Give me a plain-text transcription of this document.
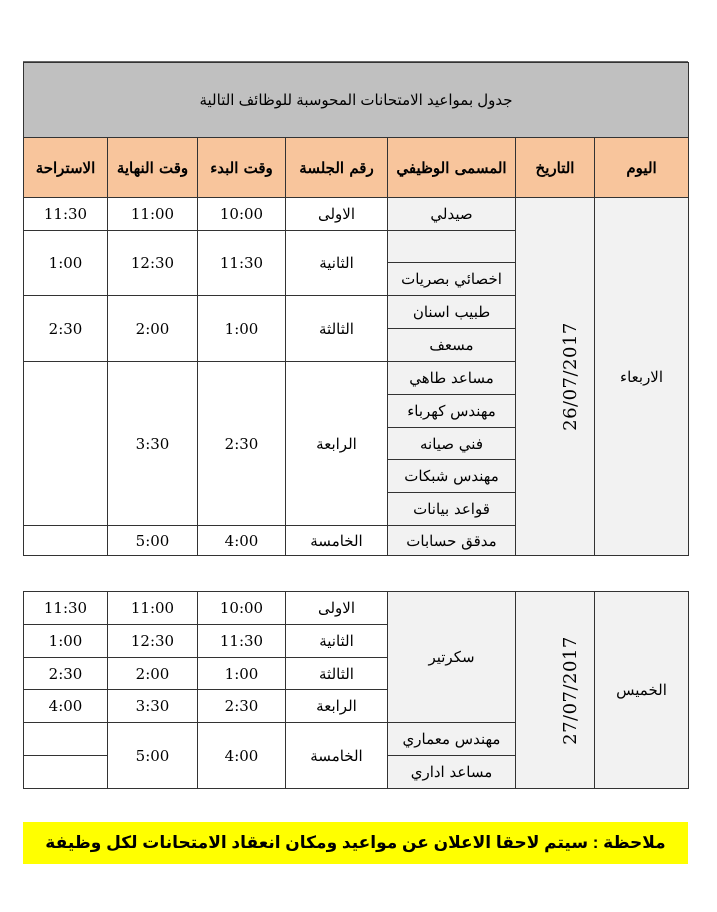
جدول بمواعيد الامتحانات المحوسبة للوظائف التالية						
الاستراحة	وقت النهاية	وقت البدء	رقم الجلسة	المسمى الوظيفي	التاريخ	اليوم
11:30	11:00	10:00	الاولى	صيدلي	26/07/2017	الاربعاء
1:00	12:30	11:30	الثانية			
				اخصائي بصريات		
2:30	2:00	1:00	الثالثة	طبيب اسنان		
				مسعف		
	3:30	2:30	الرابعة	مساعد طاهي		
				مهندس كهرباء		
				فني صيانه		
				مهندس شبكات		
				قواعد بيانات		
	5:00	4:00	الخامسة	مدقق حسابات		
11:30	11:00	10:00	الاولى	سكرتير	27/07/2017	الخميس
1:00	12:30	11:30	الثانية			
2:30	2:00	1:00	الثالثة			
4:00	3:30	2:30	الرابعة			
	5:00	4:00	الخامسة	مهندس معماري		
				مساعد اداري		
ملاحظة : سيتم لاحقا الاعلان عن مواعيد ومكان انعقاد الامتحانات لكل وظيفة
